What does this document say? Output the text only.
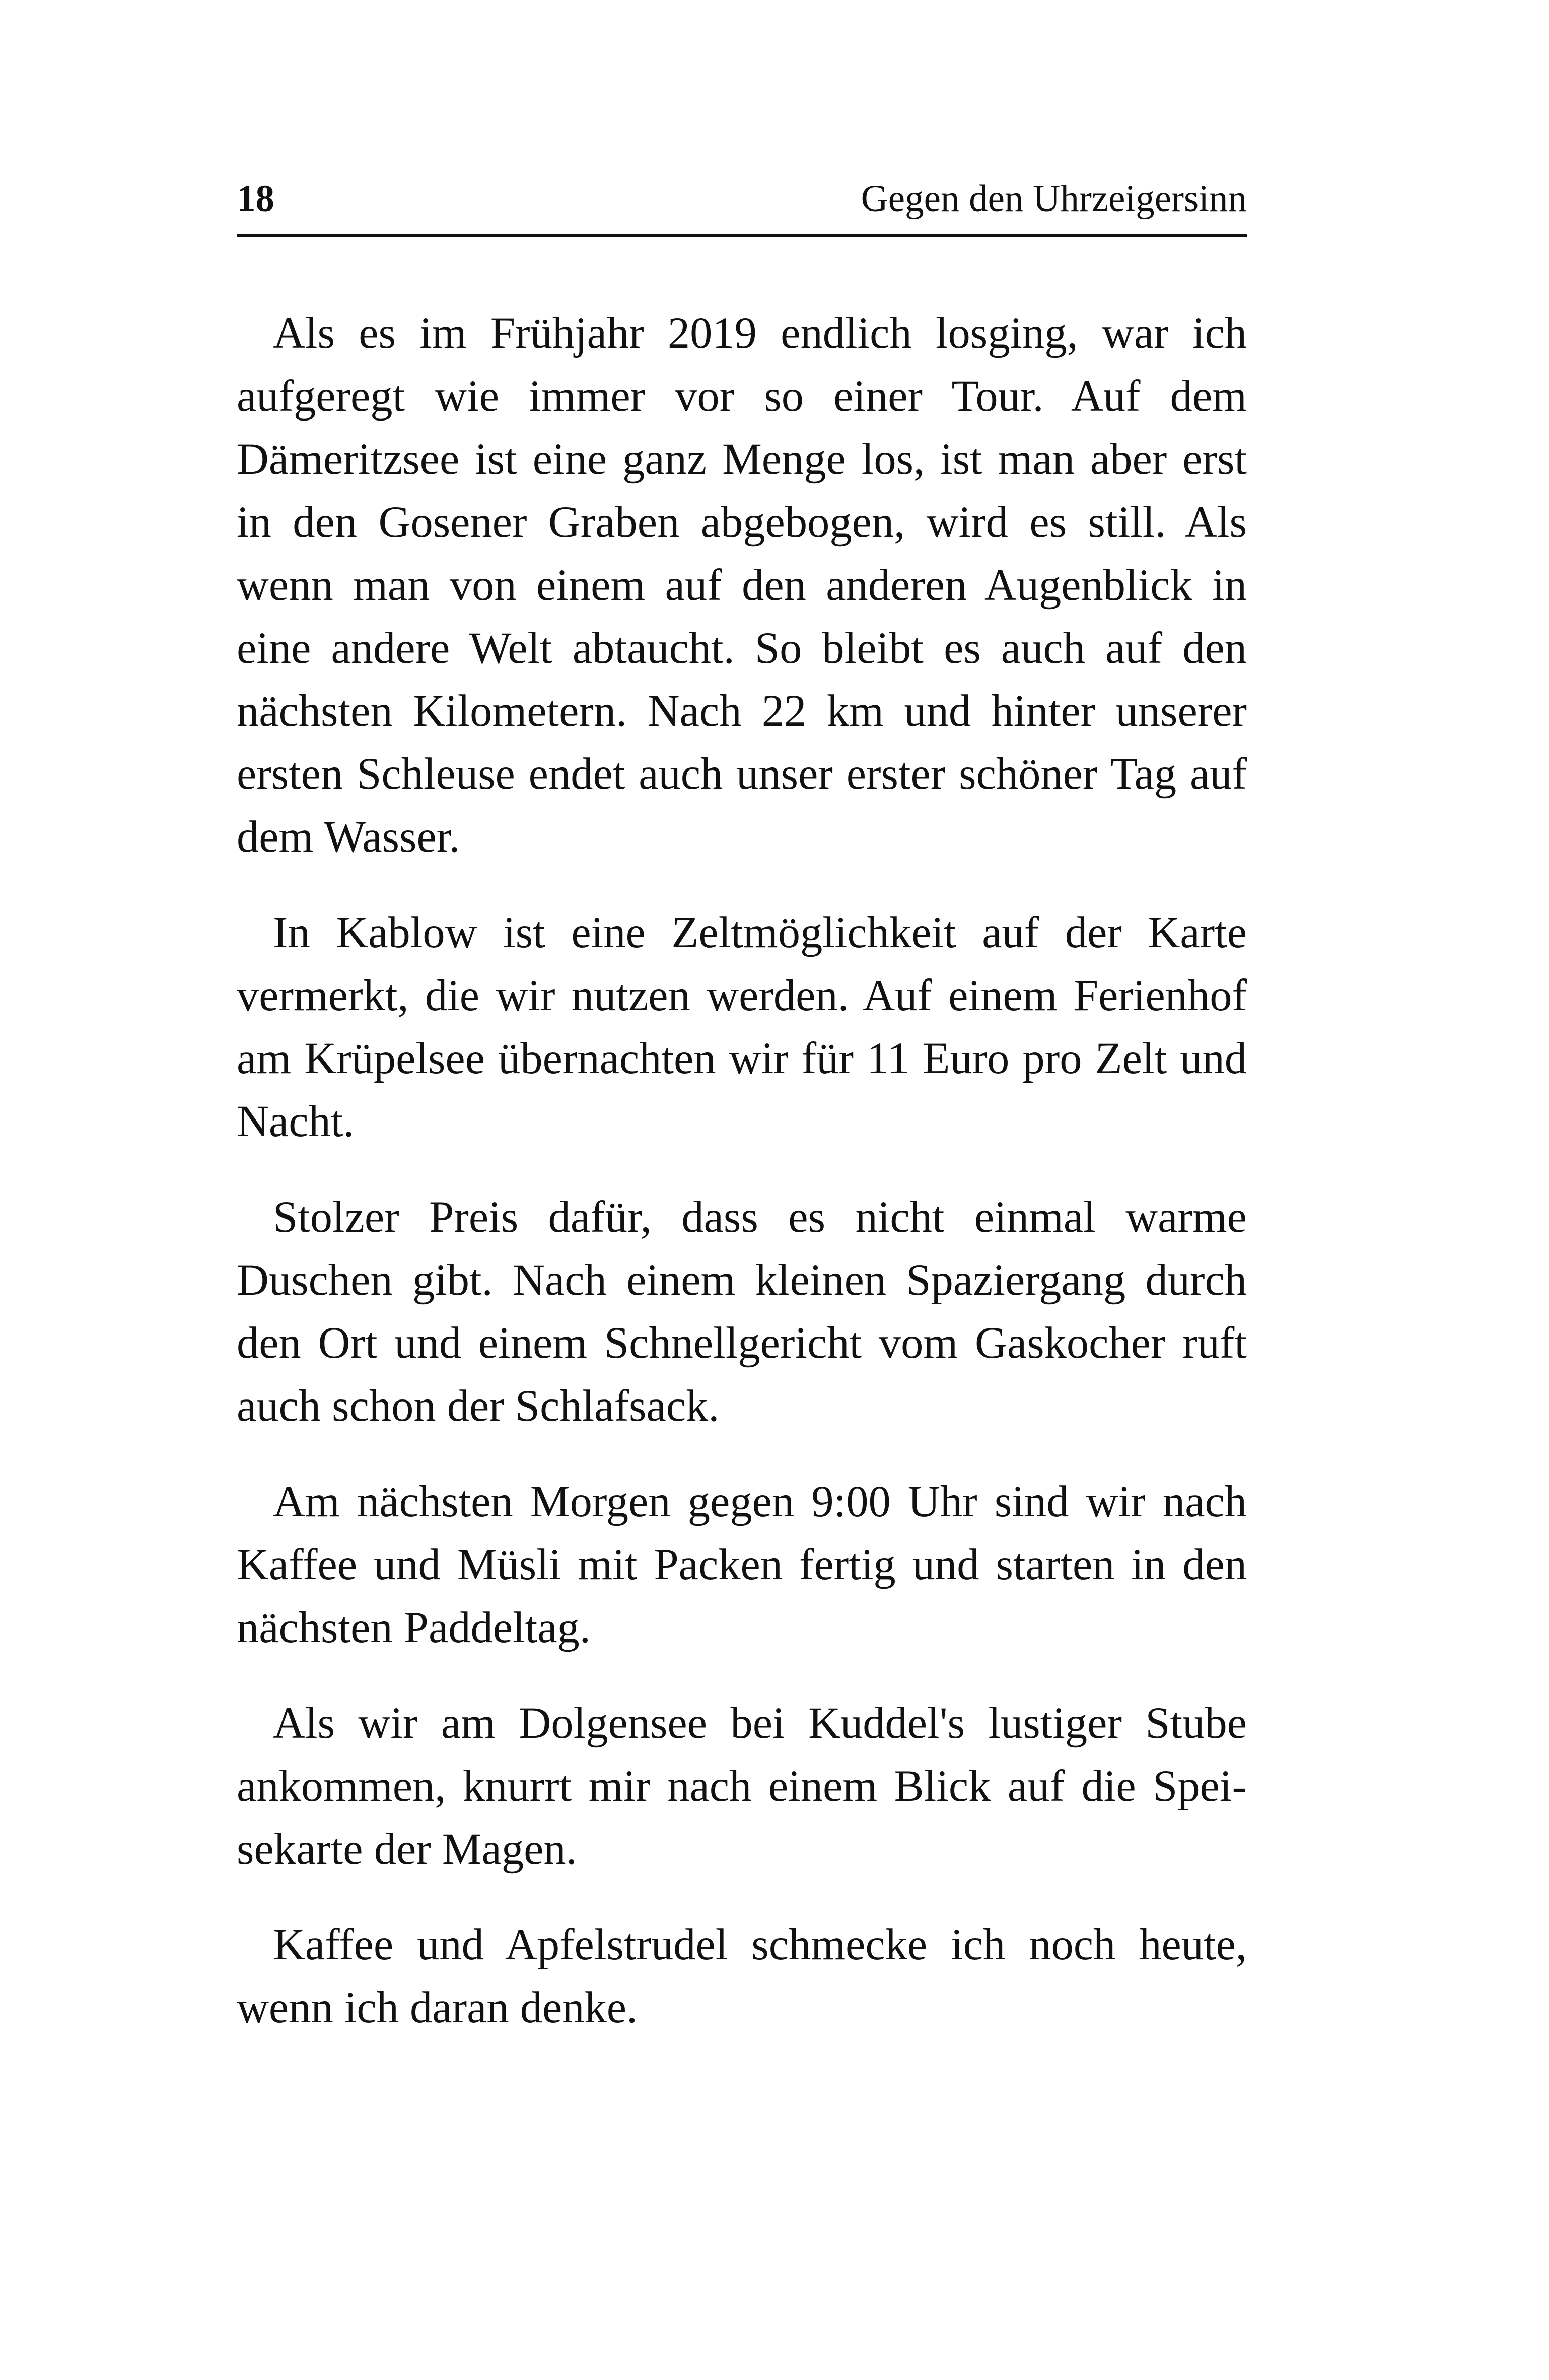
18	Gegen den Uhrzeigersinn

Als es im Frühjahr 2019 endlich losging, war ich aufgeregt wie immer vor so einer Tour. Auf dem Dämeritzsee ist eine ganz Menge los, ist man aber erst in den Gosener Graben abgebogen, wird es still. Als wenn man von einem auf den anderen Augenblick in eine andere Welt abtaucht. So bleibt es auch auf den nächsten Kilometern. Nach 22 km und hinter unserer ersten Schleuse endet auch unser erster schöner Tag auf dem Wasser.

In Kablow ist eine Zeltmöglichkeit auf der Karte vermerkt, die wir nutzen werden. Auf einem Ferienhof am Krüpelsee übernachten wir für 11 Euro pro Zelt und Nacht.

Stolzer Preis dafür, dass es nicht einmal warme Duschen gibt. Nach einem kleinen Spaziergang durch den Ort und einem Schnellgericht vom Gaskocher ruft auch schon der Schlafsack.

Am nächsten Morgen gegen 9:00 Uhr sind wir nach Kaffee und Müsli mit Packen fertig und starten in den nächsten Paddeltag.

Als wir am Dolgensee bei Kuddel's lustiger Stube ankommen, knurrt mir nach einem Blick auf die Speisekarte der Magen.

Kaffee und Apfelstrudel schmecke ich noch heute, wenn ich daran denke.
